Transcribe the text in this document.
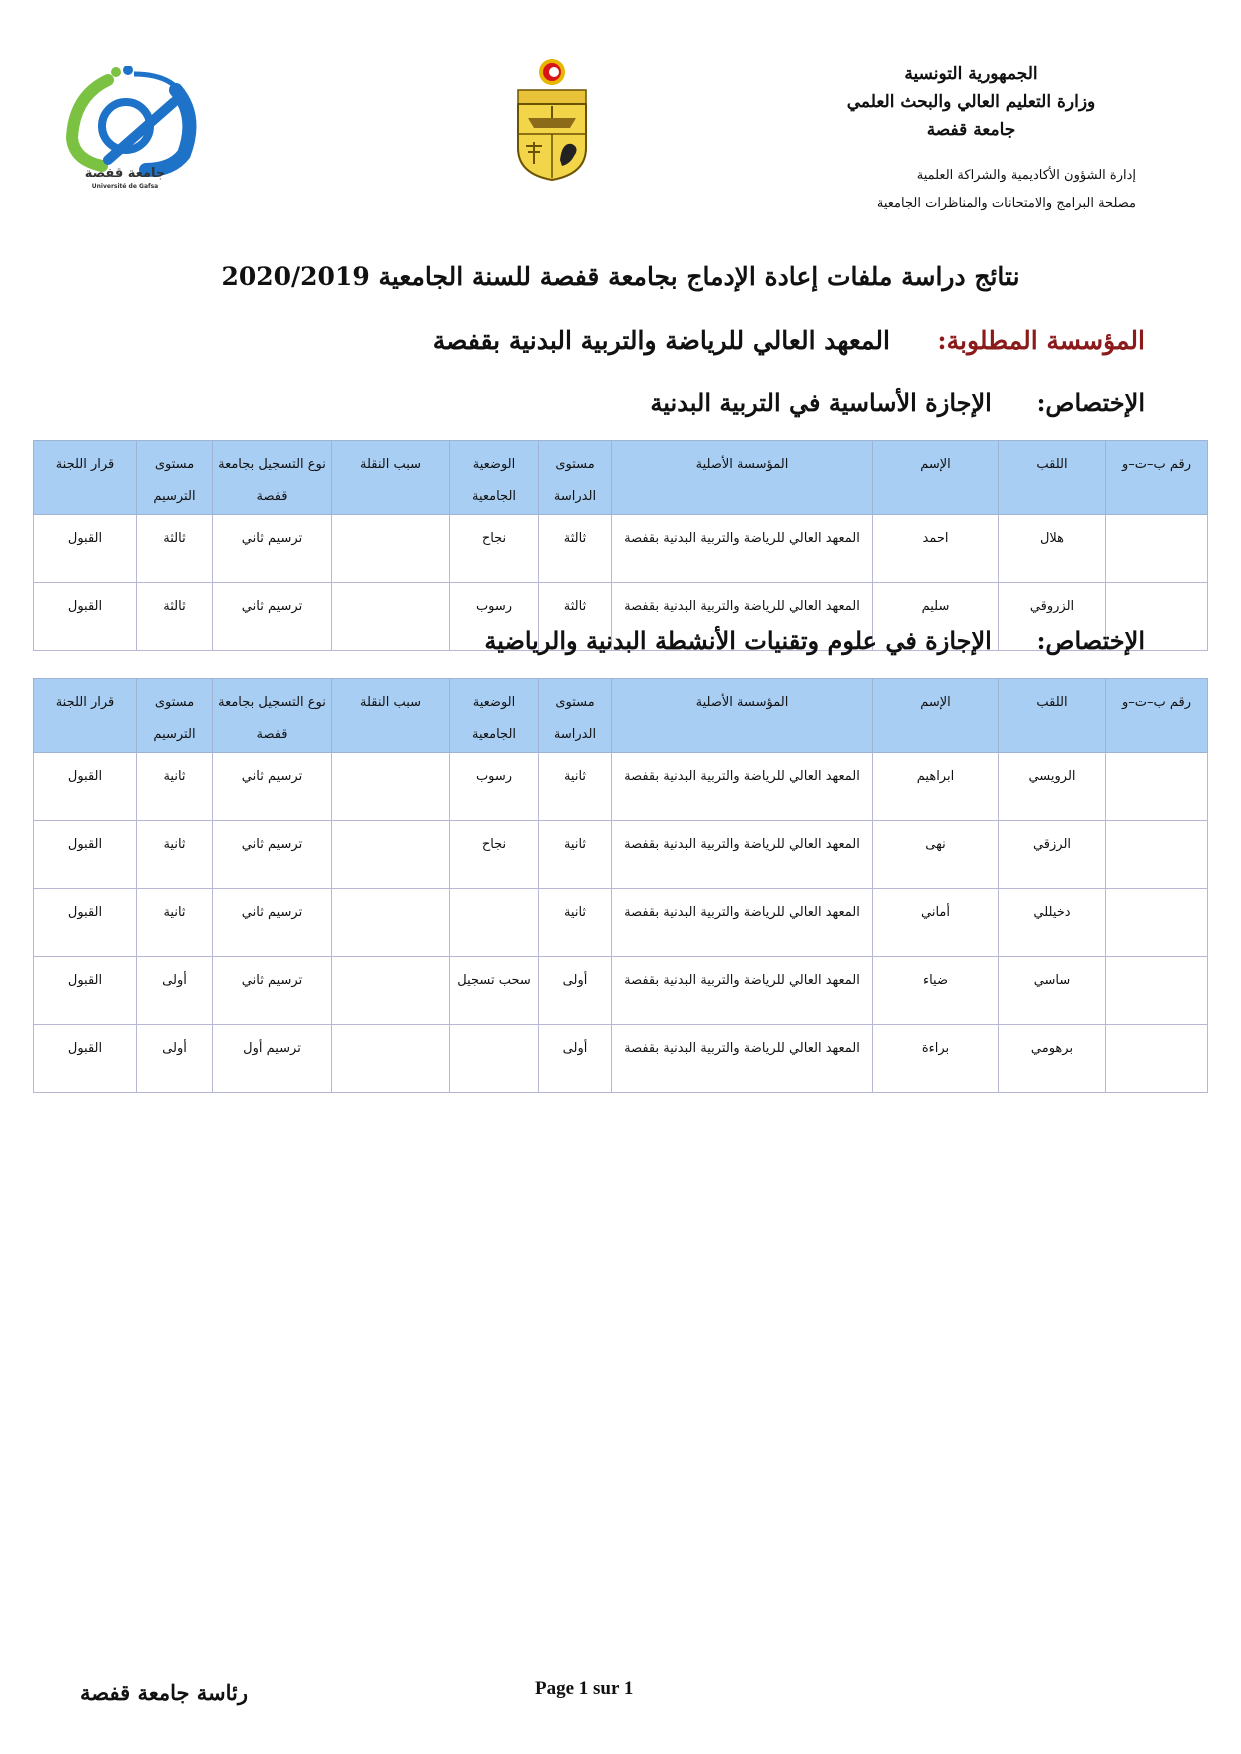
الجمهورية التونسية
وزارة التعليم العالي والبحث العلمي
جامعة قفصة
إدارة الشؤون الأكاديمية والشراكة العلمية
مصلحة البرامج والامتحانات والمناظرات الجامعية
جامعة قفصة
Université de Gafsa
نتائج دراسة ملفات إعادة الإدماج بجامعة قفصة للسنة الجامعية 2020/2019
المؤسسة المطلوبة:  المعهد العالي للرياضة والتربية البدنية بقفصة
الإختصاص:  الإجازة الأساسية في التربية البدنية
رقم ب–ت–و	اللقب	الإسم	المؤسسة الأصلية	مستوى الدراسة	الوضعية الجامعية	سبب النقلة	نوع التسجيل بجامعة قفصة	مستوى الترسيم	قرار اللجنة
	هلال	احمد	المعهد العالي للرياضة والتربية البدنية بقفصة	ثالثة	نجاح		ترسيم ثاني	ثالثة	القبول
	الزروقي	سليم	المعهد العالي للرياضة والتربية البدنية بقفصة	ثالثة	رسوب		ترسيم ثاني	ثالثة	القبول
الإختصاص:  الإجازة في علوم وتقنيات الأنشطة البدنية والرياضية
رقم ب–ت–و	اللقب	الإسم	المؤسسة الأصلية	مستوى الدراسة	الوضعية الجامعية	سبب النقلة	نوع التسجيل بجامعة قفصة	مستوى الترسيم	قرار اللجنة
	الرويسي	ابراهيم	المعهد العالي للرياضة والتربية البدنية بقفصة	ثانية	رسوب		ترسيم ثاني	ثانية	القبول
	الرزقي	نهى	المعهد العالي للرياضة والتربية البدنية بقفصة	ثانية	نجاح		ترسيم ثاني	ثانية	القبول
	دخيللي	أماني	المعهد العالي للرياضة والتربية البدنية بقفصة	ثانية			ترسيم ثاني	ثانية	القبول
	ساسي	ضياء	المعهد العالي للرياضة والتربية البدنية بقفصة	أولى	سحب تسجيل		ترسيم ثاني	أولى	القبول
	برهومي	براءة	المعهد العالي للرياضة والتربية البدنية بقفصة	أولى			ترسيم أول	أولى	القبول
Page 1 sur 1
رئاسة جامعة قفصة
